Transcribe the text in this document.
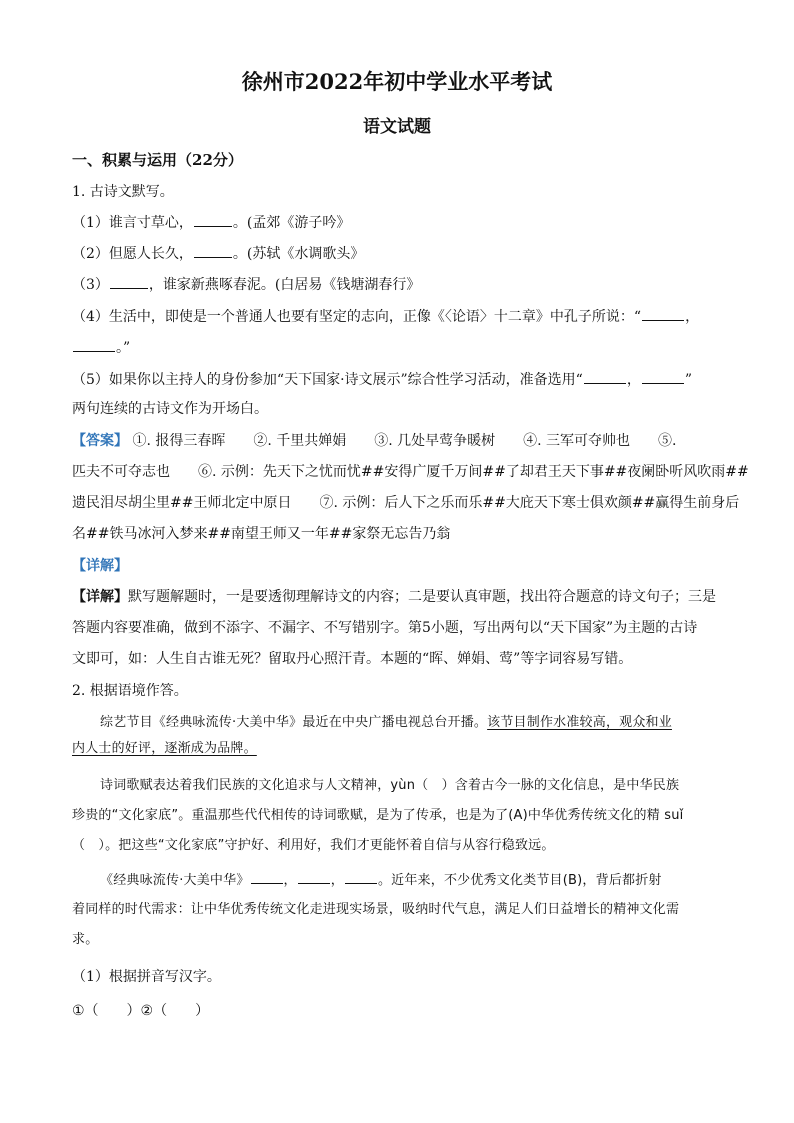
徐州市2022年初中学业水平考试
语文试题
一、积累与运用（22分）
1. 古诗文默写。
（1）谁言寸草心，	。(孟郊《游子吟》
（2）但愿人长久，	。(苏轼《水调歌头》
（3）	，谁家新燕啄春泥。(白居易《钱塘湖春行》
（4）生活中，即使是一个普通人也要有坚定的志向，正像《〈论语〉十二章》中孔子所说：“	，
。”
（5）如果你以主持人的身份参加“天下国家·诗文展示”综合性学习活动，准备选用“	，	”
两句连续的古诗文作为开场白。
【答案】 ①. 报得三春晖　　②. 千里共婵娟　　③. 几处早莺争暖树　　④. 三军可夺帅也　　⑤.
匹夫不可夺志也　　⑥. 示例：先天下之忧而忧##安得广厦千万间##了却君王天下事##夜阑卧听风吹雨##
遗民泪尽胡尘里##王师北定中原日　　⑦. 示例：后人下之乐而乐##大庇天下寒士俱欢颜##赢得生前身后
名##铁马冰河入梦来##南望王师又一年##家祭无忘告乃翁
【详解】
【详解】默写题解题时，一是要透彻理解诗文的内容；二是要认真审题，找出符合题意的诗文句子；三是
答题内容要准确，做到不添字、不漏字、不写错别字。第5小题，写出两句以“天下国家”为主题的古诗
文即可，如：人生自古谁无死？留取丹心照汗青。本题的“晖、婵娟、莺”等字词容易写错。
2. 根据语境作答。
综艺节目《经典咏流传·大美中华》最近在中央广播电视总台开播。该节目制作水准较高，观众和业
内人士的好评，逐渐成为品牌。
诗词歌赋表达着我们民族的文化追求与人文精神，yùn（　）含着古今一脉的文化信息，是中华民族
珍贵的“文化家底”。重温那些代代相传的诗词歌赋，是为了传承，也是为了(A)中华优秀传统文化的精 suǐ
（　）。把这些“文化家底”守护好、利用好，我们才更能怀着自信与从容行稳致远。
《经典咏流传·大美中华》	，	，	。近年来，不少优秀文化类节目(B)，背后都折射
着同样的时代需求：让中华优秀传统文化走进现实场景，吸纳时代气息，满足人们日益增长的精神文化需
求。
（1）根据拼音写汉字。
①（　　）②（　　）
